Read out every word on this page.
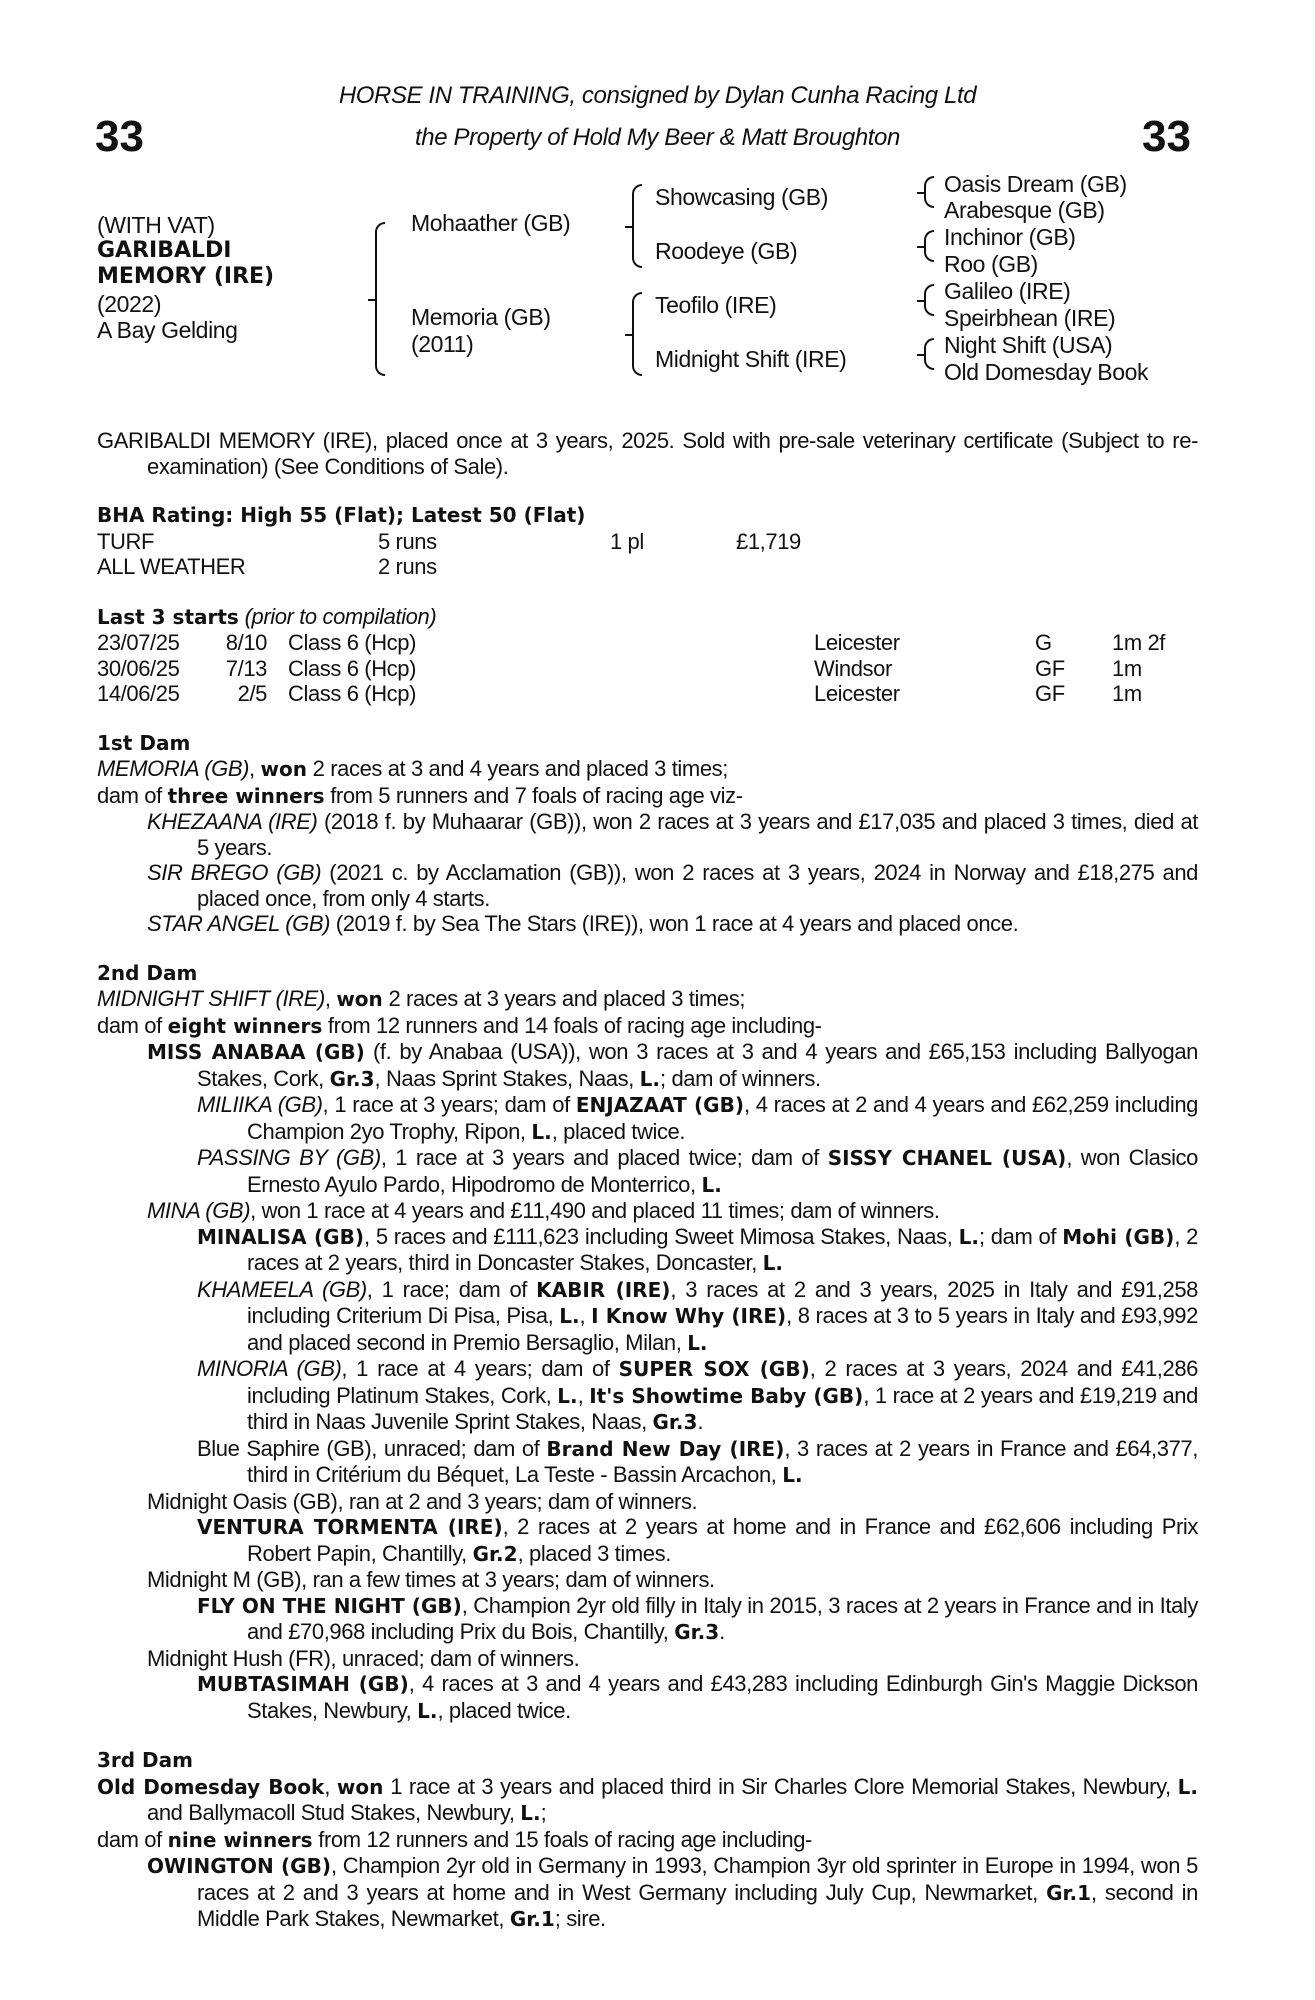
HORSE IN TRAINING, consigned by Dylan Cunha Racing Ltd
the Property of Hold My Beer & Matt Broughton
33	33
(WITH VAT)
GARIBALDI
MEMORY (IRE)
(2022)
A Bay Gelding
Mohaather (GB)
Memoria (GB)
(2011)
Showcasing (GB)
Roodeye (GB)
Teofilo (IRE)
Midnight Shift (IRE)
Oasis Dream (GB)
Arabesque (GB)
Inchinor (GB)
Roo (GB)
Galileo (IRE)
Speirbhean (IRE)
Night Shift (USA)
Old Domesday Book

GARIBALDI MEMORY (IRE), placed once at 3 years, 2025. Sold with pre-sale veterinary certificate (Subject to re-examination) (See Conditions of Sale).

BHA Rating: High 55 (Flat); Latest 50 (Flat)
TURF	5 runs	1 pl	£1,719
ALL WEATHER	2 runs
Last 3 starts (prior to compilation)
23/07/25 8/10 Class 6 (Hcp)	Leicester	G	1m 2f
30/06/25 7/13 Class 6 (Hcp)	Windsor	GF 1m
14/06/25	2/5 Class 6 (Hcp)	Leicester	GF 1m
1st Dam

MEMORIA (GB), won 2 races at 3 and 4 years and placed 3 times;

dam of three winners from 5 runners and 7 foals of racing age viz-

KHEZAANA (IRE) (2018 f. by Muhaarar (GB)), won 2 races at 3 years and £17,035 and placed 3 times, died at 5 years.

SIR BREGO (GB) (2021 c. by Acclamation (GB)), won 2 races at 3 years, 2024 in Norway and £18,275 and placed once, from only 4 starts.

STAR ANGEL (GB) (2019 f. by Sea The Stars (IRE)), won 1 race at 4 years and placed once.

2nd Dam

MIDNIGHT SHIFT (IRE), won 2 races at 3 years and placed 3 times;

dam of eight winners from 12 runners and 14 foals of racing age including-

MISS ANABAA (GB) (f. by Anabaa (USA)), won 3 races at 3 and 4 years and £65,153 including Ballyogan Stakes, Cork, Gr.3, Naas Sprint Stakes, Naas, L.; dam of winners.

MILIIKA (GB), 1 race at 3 years; dam of ENJAZAAT (GB), 4 races at 2 and 4 years and £62,259 including Champion 2yo Trophy, Ripon, L., placed twice.

PASSING BY (GB), 1 race at 3 years and placed twice; dam of SISSY CHANEL (USA), won Clasico Ernesto Ayulo Pardo, Hipodromo de Monterrico, L.

MINA (GB), won 1 race at 4 years and £11,490 and placed 11 times; dam of winners.

MINALISA (GB), 5 races and £111,623 including Sweet Mimosa Stakes, Naas, L.; dam of Mohi (GB), 2 races at 2 years, third in Doncaster Stakes, Doncaster, L.

KHAMEELA (GB), 1 race; dam of KABIR (IRE), 3 races at 2 and 3 years, 2025 in Italy and £91,258 including Criterium Di Pisa, Pisa, L., I Know Why (IRE), 8 races at 3 to 5 years in Italy and £93,992 and placed second in Premio Bersaglio, Milan, L.

MINORIA (GB), 1 race at 4 years; dam of SUPER SOX (GB), 2 races at 3 years, 2024 and £41,286 including Platinum Stakes, Cork, L., It's Showtime Baby (GB), 1 race at 2 years and £19,219 and third in Naas Juvenile Sprint Stakes, Naas, Gr.3.

Blue Saphire (GB), unraced; dam of Brand New Day (IRE), 3 races at 2 years in France and £64,377, third in Critérium du Béquet, La Teste - Bassin Arcachon, L.

Midnight Oasis (GB), ran at 2 and 3 years; dam of winners.

VENTURA TORMENTA (IRE), 2 races at 2 years at home and in France and £62,606 including Prix Robert Papin, Chantilly, Gr.2, placed 3 times.

Midnight M (GB), ran a few times at 3 years; dam of winners.

FLY ON THE NIGHT (GB), Champion 2yr old filly in Italy in 2015, 3 races at 2 years in France and in Italy and £70,968 including Prix du Bois, Chantilly, Gr.3.

Midnight Hush (FR), unraced; dam of winners.

MUBTASIMAH (GB), 4 races at 3 and 4 years and £43,283 including Edinburgh Gin's Maggie Dickson Stakes, Newbury, L., placed twice.

3rd Dam

Old Domesday Book, won 1 race at 3 years and placed third in Sir Charles Clore Memorial Stakes, Newbury, L. and Ballymacoll Stud Stakes, Newbury, L.;

dam of nine winners from 12 runners and 15 foals of racing age including-

OWINGTON (GB), Champion 2yr old in Germany in 1993, Champion 3yr old sprinter in Europe in 1994, won 5 races at 2 and 3 years at home and in West Germany including July Cup, Newmarket, Gr.1, second in Middle Park Stakes, Newmarket, Gr.1; sire.
